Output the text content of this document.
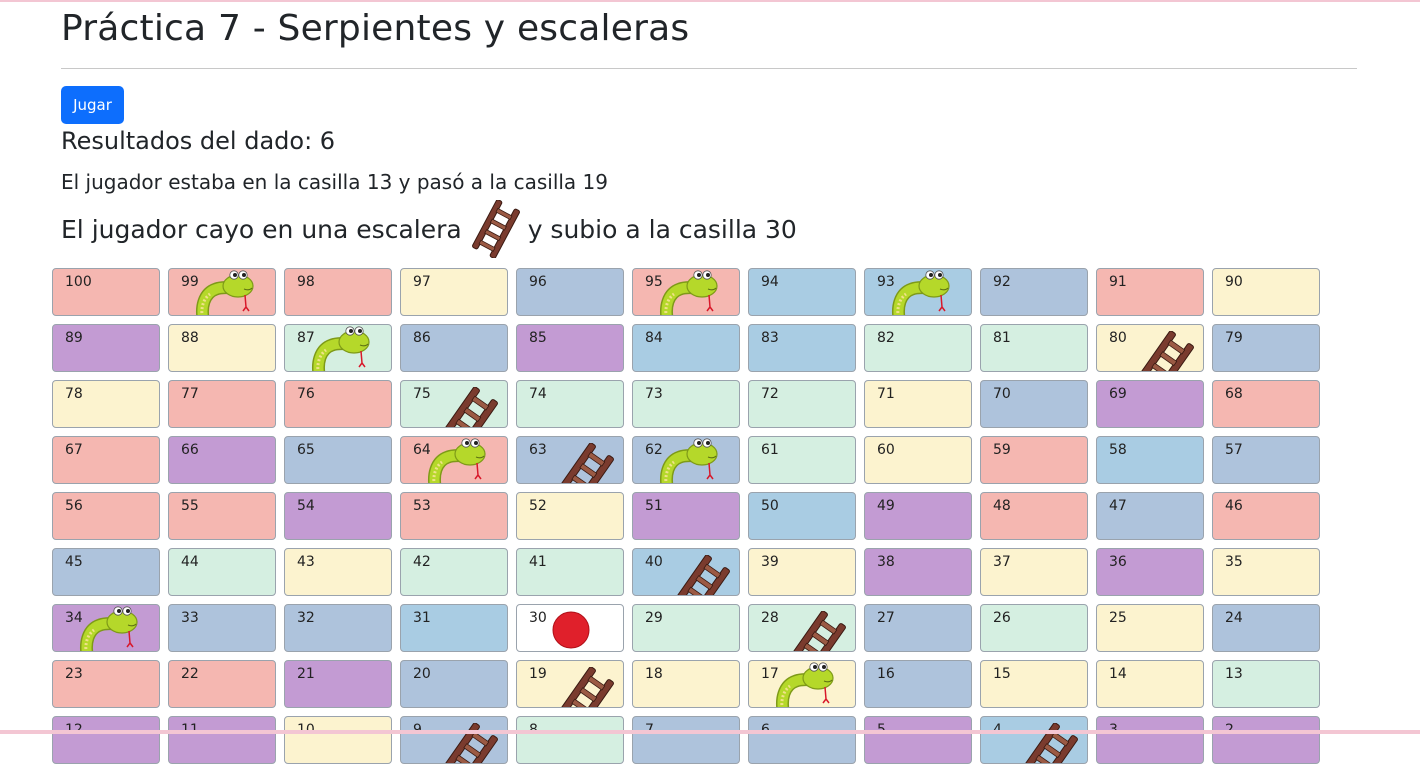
Práctica 7 - Serpientes y escaleras
Jugar
Resultados del dado: 6
El jugador estaba en la casilla 13 y pasó a la casilla 19
El jugador cayo en una escalera	y subio a la casilla 30
100	99	98	97	96	95	94	93	92	91	90
89	88	87	86	85	84	83	82	81	80	79
78	77	76	75	74	73	72	71	70	69	68
67	66	65	64	63	62	61	60	59	58	57
56	55	54	53	52	51	50	49	48	47	46
45	44	43	42	41	40	39	38	37	36	35
34	33	32	31	30	29	28	27	26	25	24
23	22	21	20	19	18	17	16	15	14	13
